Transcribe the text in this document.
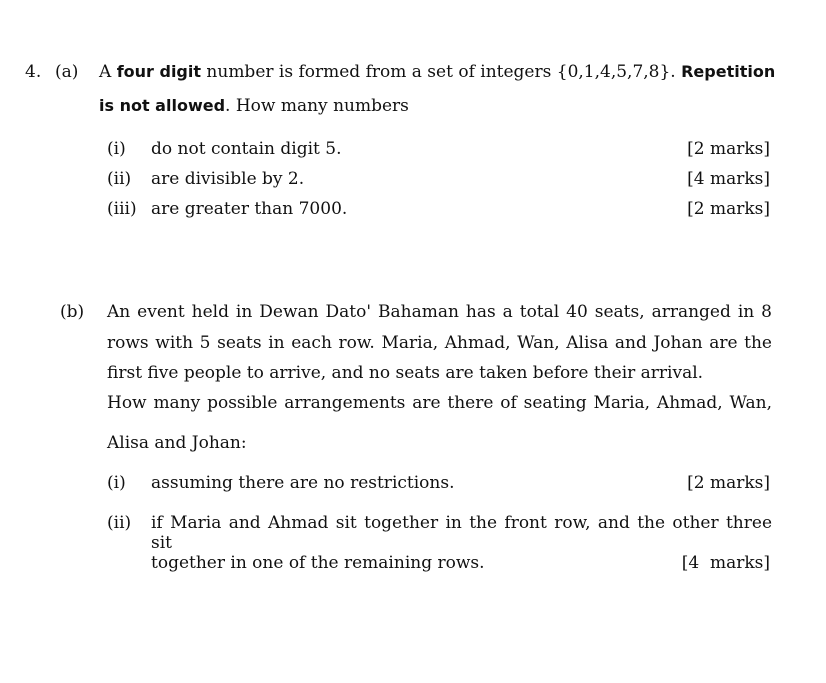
4. (a) A four digit number is formed from a set of integers {0,1,4,5,7,8}. Repetition
is not allowed. How many numbers
(i) do not contain digit 5.	[2 marks]
(ii) are divisible by 2.	[4 marks]
(iii) are greater than 7000.	[2 marks]
(b) An event held in Dewan Dato' Bahaman has a total 40 seats, arranged in 8
rows with 5 seats in each row. Maria, Ahmad, Wan, Alisa and Johan are the
first five people to arrive, and no seats are taken before their arrival.
How many possible arrangements are there of seating Maria, Ahmad, Wan,
Alisa and Johan:
(i) assuming there are no restrictions.	[2 marks]
(ii) if Maria and Ahmad sit together in the front row, and the other three sit
together in one of the remaining rows.	[4  marks]
